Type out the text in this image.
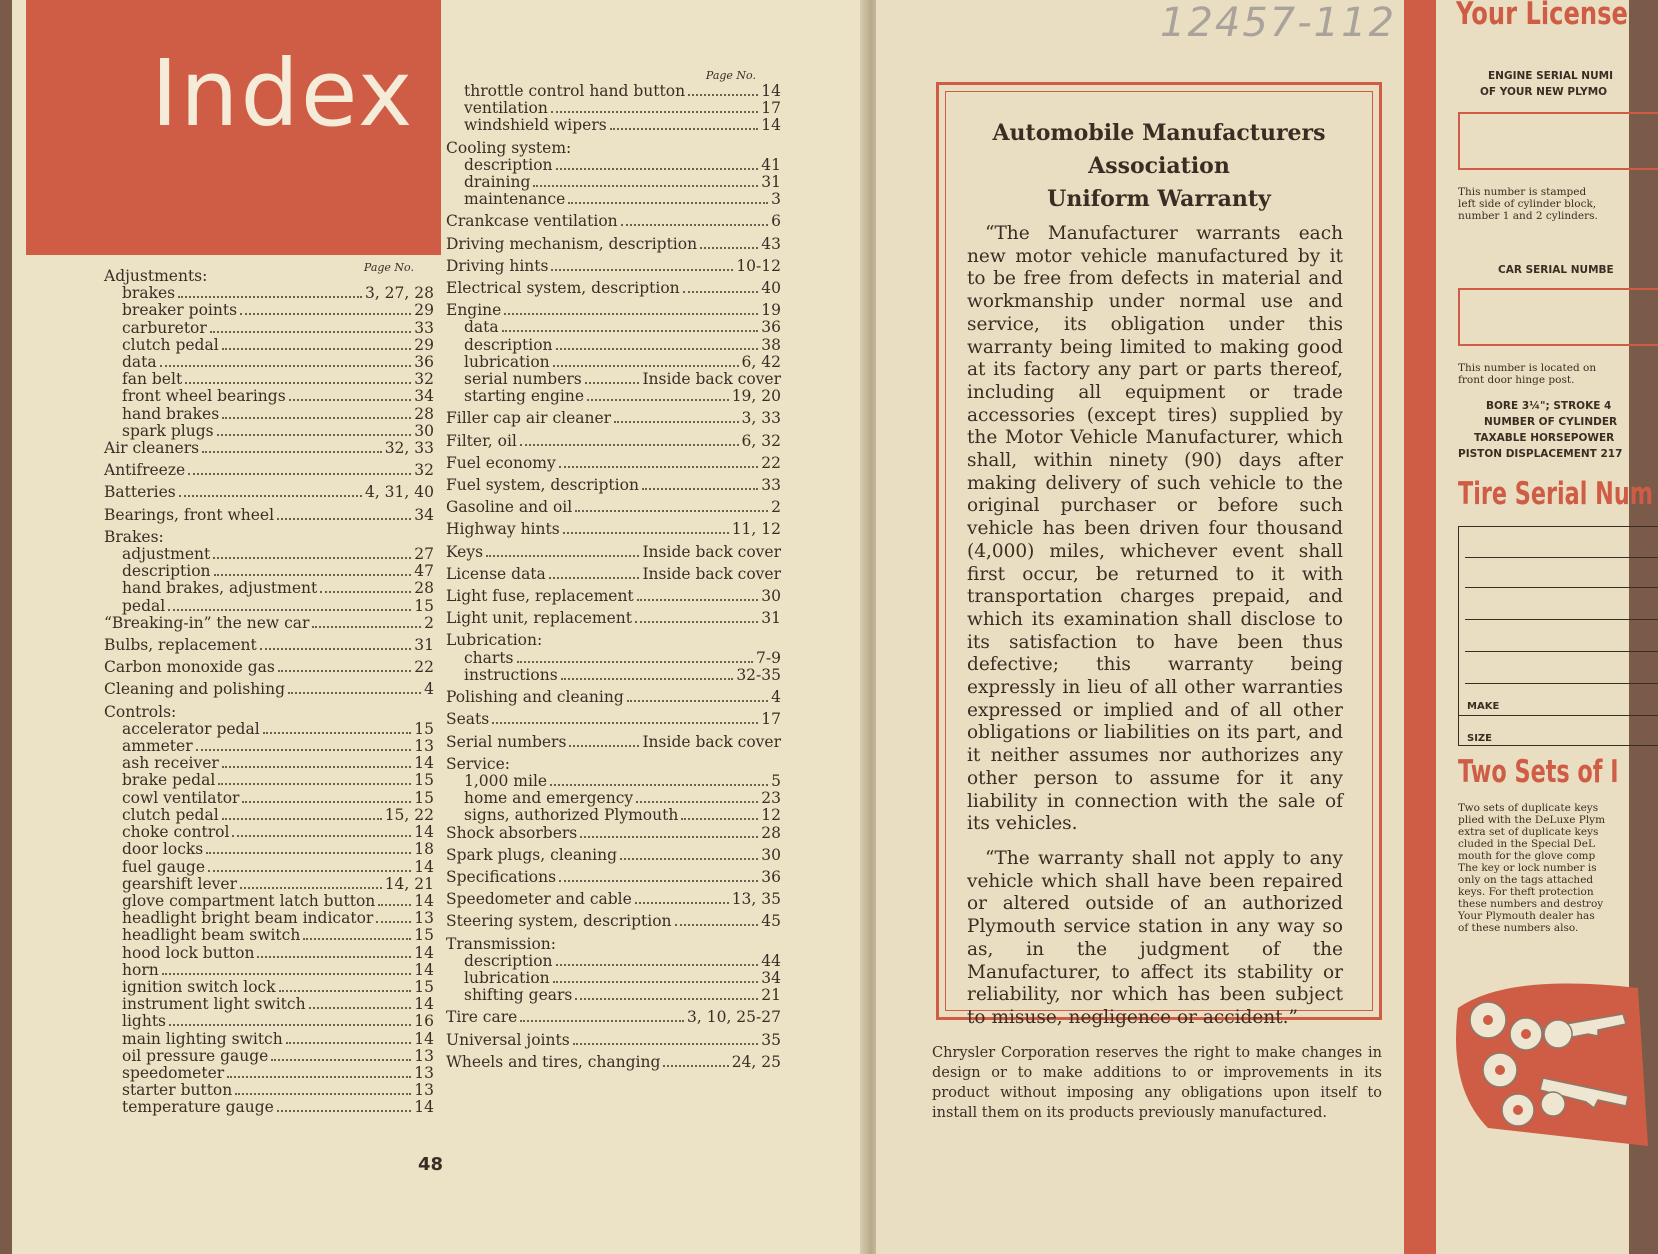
Index
Page No.
Adjustments:
brakes	3, 27, 28
breaker points	29
carburetor	33
clutch pedal	29
data	36
fan belt	32
front wheel bearings	34
hand brakes	28
spark plugs	30
Air cleaners	32, 33
Antifreeze	32
Batteries	4, 31, 40
Bearings, front wheel	34
Brakes:
adjustment	27
description	47
hand brakes, adjustment	28
pedal	15
“Breaking-in” the new car	2
Bulbs, replacement	31
Carbon monoxide gas	22
Cleaning and polishing	4
Controls:
accelerator pedal	15
ammeter	13
ash receiver	14
brake pedal	15
cowl ventilator	15
clutch pedal	15, 22
choke control	14
door locks	18
fuel gauge	14
gearshift lever	14, 21
glove compartment latch button	14
headlight bright beam indicator	13
headlight beam switch	15
hood lock button	14
horn	14
ignition switch lock	15
instrument light switch	14
lights	16
main lighting switch	14
oil pressure gauge	13
speedometer	13
starter button	13
temperature gauge	14
Page No.
throttle control hand button	14
ventilation	17
windshield wipers	14
Cooling system:
description	41
draining	31
maintenance	3
Crankcase ventilation	6
Driving mechanism, description	43
Driving hints	10-12
Electrical system, description	40
Engine	19
data	36
description	38
lubrication	6, 42
serial numbers	Inside back cover
starting engine	19, 20
Filler cap air cleaner	3, 33
Filter, oil	6, 32
Fuel economy	22
Fuel system, description	33
Gasoline and oil	2
Highway hints	11, 12
Keys	Inside back cover
License data	Inside back cover
Light fuse, replacement	30
Light unit, replacement	31
Lubrication:
charts	7-9
instructions	32-35
Polishing and cleaning	4
Seats	17
Serial numbers	Inside back cover
Service:
1,000 mile	5
home and emergency	23
signs, authorized Plymouth	12
Shock absorbers	28
Spark plugs, cleaning	30
Specifications	36
Speedometer and cable	13, 35
Steering system, description	45
Transmission:
description	44
lubrication	34
shifting gears	21
Tire care	3, 10, 25-27
Universal joints	35
Wheels and tires, changing	24, 25
48
12457-112
Automobile Manufacturers
Association
Uniform Warranty

“The Manufacturer warrants each new motor vehicle manufactured by it to be free from defects in material and workmanship under normal use and service, its obligation under this warranty being limited to making good at its factory any part or parts thereof, including all equipment or trade accessories (except tires) supplied by the Motor Vehicle Manufacturer, which shall, within ninety (90) days after making delivery of such vehicle to the original purchaser or before such vehicle has been driven four thousand (4,000) miles, whichever event shall first occur, be returned to it with transportation charges prepaid, and which its examination shall disclose to its satisfaction to have been thus defective; this warranty being expressly in lieu of all other warranties expressed or implied and of all other obligations or liabilities on its part, and it neither assumes nor authorizes any other person to assume for it any liability in connection with the sale of its vehicles.

“The warranty shall not apply to any vehicle which shall have been repaired or altered outside of an authorized Plymouth service station in any way so as, in the judgment of the Manufacturer, to affect its stability or reliability, nor which has been subject to misuse, negligence or accident.”

Chrysler Corporation reserves the right to make changes in design or to make additions to or improvements in its product without imposing any obligations upon itself to install them on its products previously manufactured.
Your License
ENGINE SERIAL NUMI
OF YOUR NEW PLYMO
This number is stamped
left side of cylinder block,
number 1 and 2 cylinders.
CAR SERIAL NUMBE
This number is located on
front door hinge post.
BORE 3¼"; STROKE 4
NUMBER OF CYLINDER
TAXABLE HORSEPOWER
PISTON DISPLACEMENT 217
Tire Serial Num
MAKE
SIZE
Two Sets of I
Two sets of duplicate keys
plied with the DeLuxe Plym
extra set of duplicate keys
cluded in the Special DeL
mouth for the glove comp
The key or lock number is
only on the tags attached
keys. For theft protection
these numbers and destroy
Your Plymouth dealer has
of these numbers also.
